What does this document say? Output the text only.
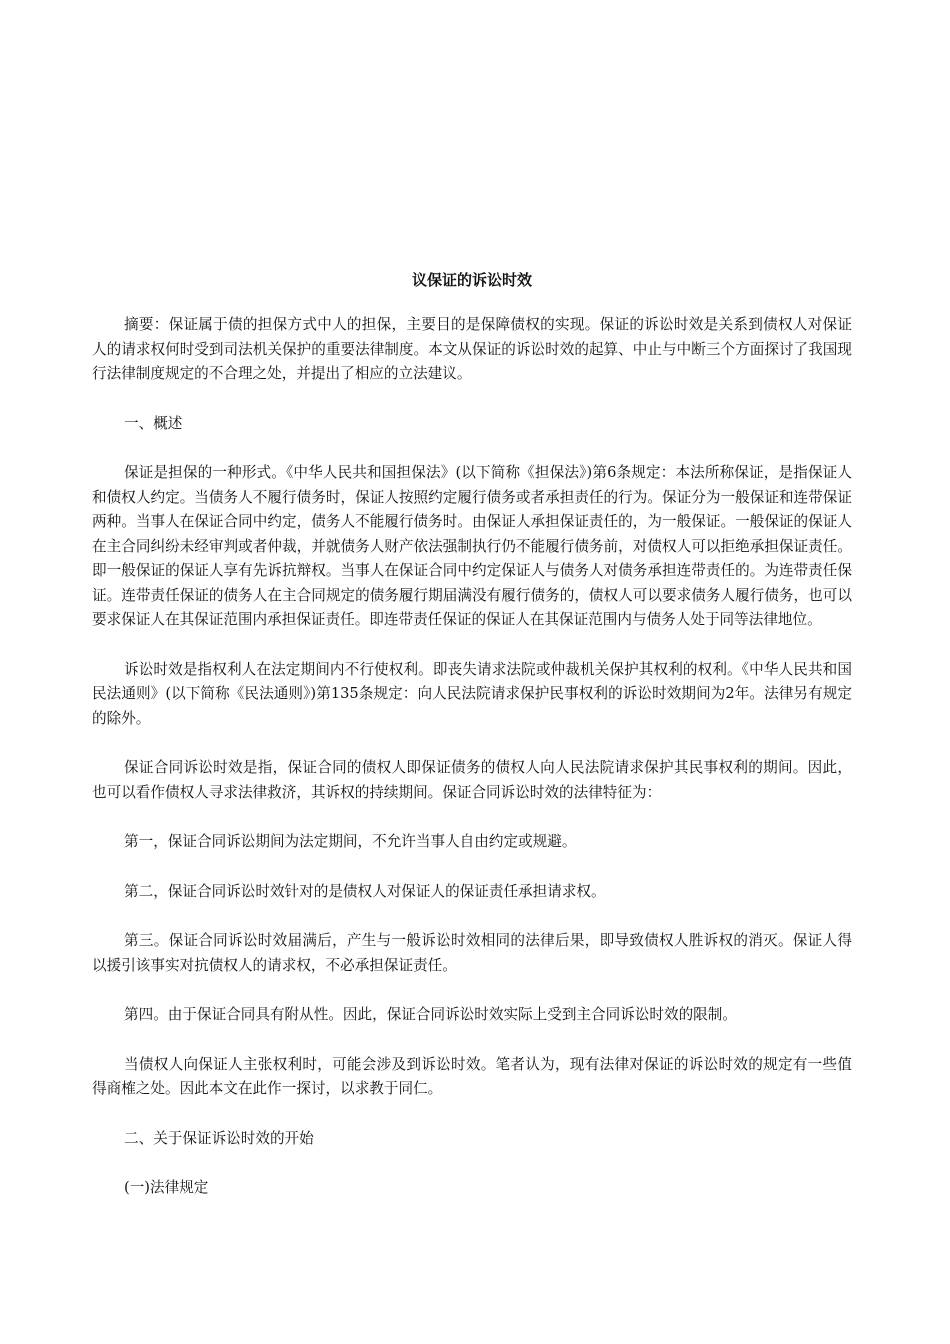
议保证的诉讼时效

摘要：保证属于债的担保方式中人的担保，主要目的是保障债权的实现。保证的诉讼时效是关系到债权人对保证人的请求权何时受到司法机关保护的重要法律制度。本文从保证的诉讼时效的起算、中止与中断三个方面探讨了我国现行法律制度规定的不合理之处，并提出了相应的立法建议。

一、概述

保证是担保的一种形式。《中华人民共和国担保法》(以下简称《担保法》)第6条规定：本法所称保证，是指保证人和债权人约定。当债务人不履行债务时，保证人按照约定履行债务或者承担责任的行为。保证分为一般保证和连带保证两种。当事人在保证合同中约定，债务人不能履行债务时。由保证人承担保证责任的，为一般保证。一般保证的保证人在主合同纠纷未经审判或者仲裁，并就债务人财产依法强制执行仍不能履行债务前，对债权人可以拒绝承担保证责任。即一般保证的保证人享有先诉抗辩权。当事人在保证合同中约定保证人与债务人对债务承担连带责任的。为连带责任保证。连带责任保证的债务人在主合同规定的债务履行期届满没有履行债务的，债权人可以要求债务人履行债务，也可以要求保证人在其保证范围内承担保证责任。即连带责任保证的保证人在其保证范围内与债务人处于同等法律地位。

诉讼时效是指权利人在法定期间内不行使权利。即丧失请求法院或仲裁机关保护其权利的权利。《中华人民共和国民法通则》(以下简称《民法通则》)第135条规定：向人民法院请求保护民事权利的诉讼时效期间为2年。法律另有规定的除外。

保证合同诉讼时效是指，保证合同的债权人即保证债务的债权人向人民法院请求保护其民事权利的期间。因此，也可以看作债权人寻求法律救济，其诉权的持续期间。保证合同诉讼时效的法律特征为：

第一，保证合同诉讼期间为法定期间，不允许当事人自由约定或规避。

第二，保证合同诉讼时效针对的是债权人对保证人的保证责任承担请求权。

第三。保证合同诉讼时效届满后，产生与一般诉讼时效相同的法律后果，即导致债权人胜诉权的消灭。保证人得以援引该事实对抗债权人的请求权，不必承担保证责任。

第四。由于保证合同具有附从性。因此，保证合同诉讼时效实际上受到主合同诉讼时效的限制。

当债权人向保证人主张权利时，可能会涉及到诉讼时效。笔者认为，现有法律对保证的诉讼时效的规定有一些值得商榷之处。因此本文在此作一探讨，以求教于同仁。

二、关于保证诉讼时效的开始

(一)法律规定
